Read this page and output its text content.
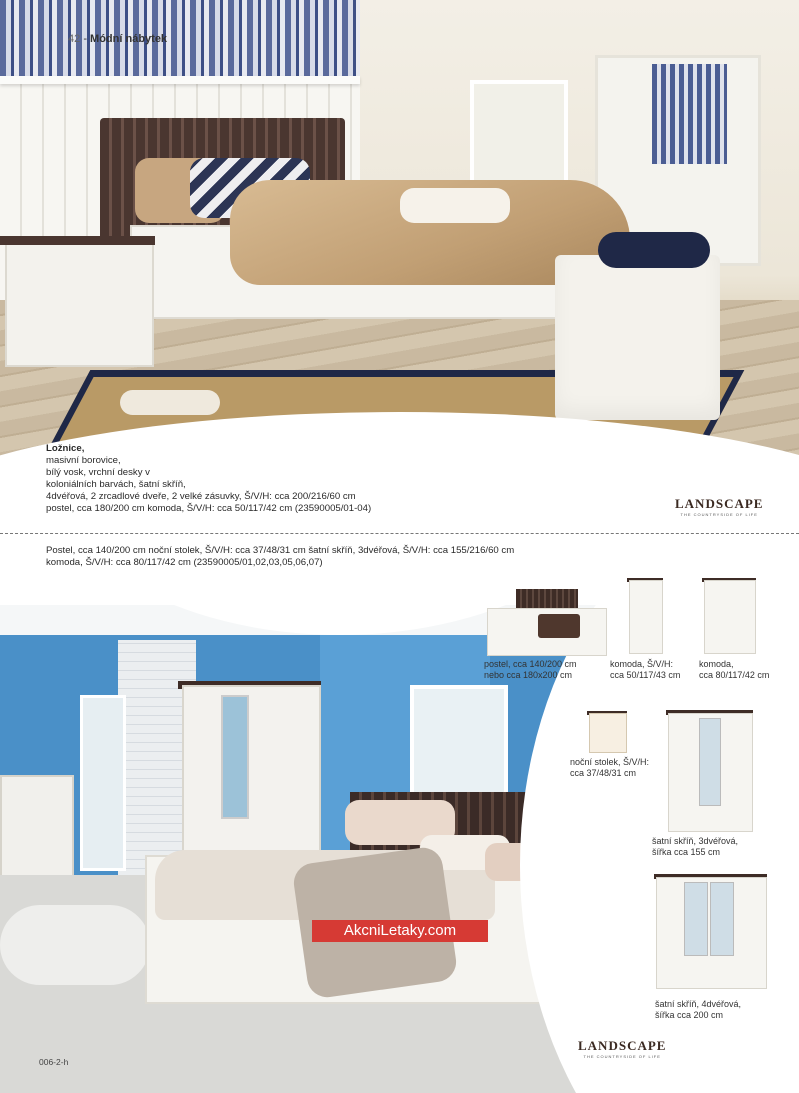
42 - Módní nábytek
Ložnice,
masivní borovice,
bílý vosk, vrchní desky v
koloniálních barvách, šatní skříň,
4dvéřová, 2 zrcadlové dveře, 2 velké zásuvky, Š/V/H: cca 200/216/60 cm
postel, cca 180/200 cm komoda, Š/V/H: cca 50/117/42 cm (23590005/01-04)	LANDSCAPE
THE COUNTRYSIDE OF LIFE
Postel, cca 140/200 cm noční stolek, Š/V/H: cca 37/48/31 cm šatní skříň, 3dvéřová, Š/V/H: cca 155/216/60 cm
komoda, Š/V/H: cca 80/117/42 cm (23590005/01,02,03,05,06,07)
AkcniLetaky.com
postel, cca 140/200 cm
nebo cca 180x200 cm
komoda, Š/V/H:
cca 50/117/43 cm
komoda,
cca 80/117/42 cm
noční stolek, Š/V/H:
cca 37/48/31 cm
šatní skříň, 3dvéřová,
šířka cca 155 cm
šatní skříň, 4dvéřová,
šířka cca 200 cm
LANDSCAPE
THE COUNTRYSIDE OF LIFE
006-2-h
